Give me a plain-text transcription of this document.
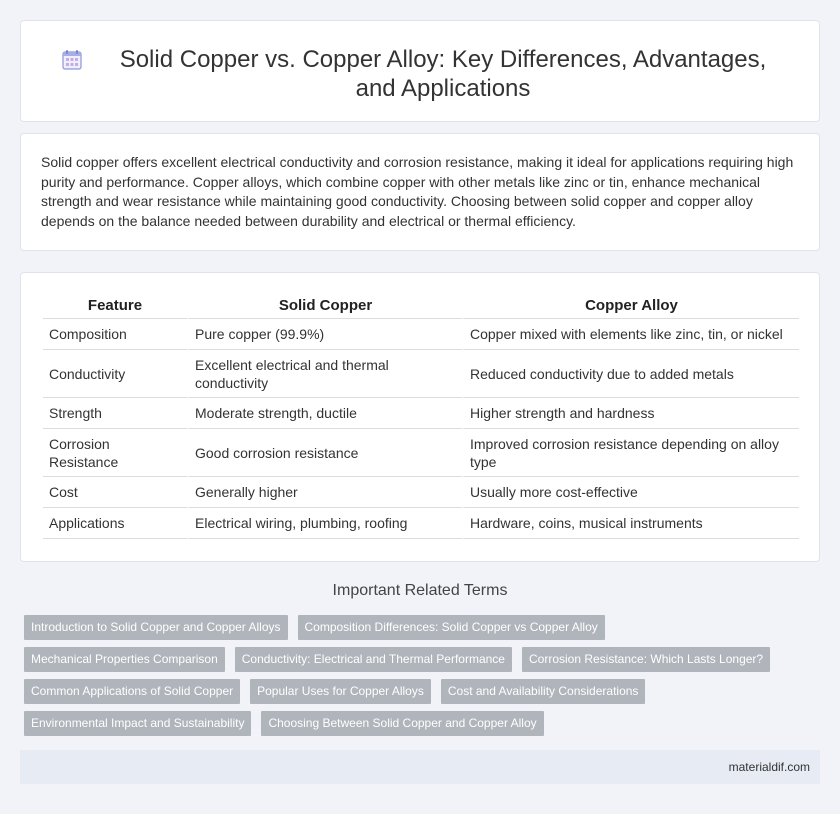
Solid Copper vs. Copper Alloy: Key Differences, Advantages, and Applications

Solid copper offers excellent electrical conductivity and corrosion resistance, making it ideal for applications requiring high purity and performance. Copper alloys, which combine copper with other metals like zinc or tin, enhance mechanical strength and wear resistance while maintaining good conductivity. Choosing between solid copper and copper alloy depends on the balance needed between durability and electrical or thermal efficiency.

Feature	Solid Copper	Copper Alloy
Composition	Pure copper (99.9%)	Copper mixed with elements like zinc, tin, or nickel
Conductivity	Excellent electrical and thermal conductivity	Reduced conductivity due to added metals
Strength	Moderate strength, ductile	Higher strength and hardness
Corrosion Resistance	Good corrosion resistance	Improved corrosion resistance depending on alloy type
Cost	Generally higher	Usually more cost-effective
Applications	Electrical wiring, plumbing, roofing	Hardware, coins, musical instruments
Important Related Terms
Introduction to Solid Copper and Copper Alloys	Composition Differences: Solid Copper vs Copper Alloy
Mechanical Properties Comparison	Conductivity: Electrical and Thermal Performance	Corrosion Resistance: Which Lasts Longer?
Common Applications of Solid Copper	Popular Uses for Copper Alloys	Cost and Availability Considerations
Environmental Impact and Sustainability	Choosing Between Solid Copper and Copper Alloy
materialdif.com
